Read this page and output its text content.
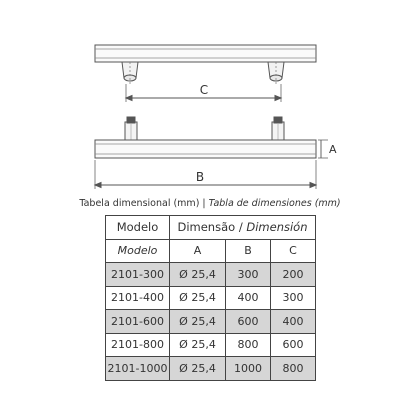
C
B
A
Tabela dimensional (mm) | Tabla de dimensiones (mm)
Modelo	Dimensão / Dimensión		
Modelo	A	B	C
2101-300	Ø 25,4	300	200
2101-400	Ø 25,4	400	300
2101-600	Ø 25,4	600	400
2101-800	Ø 25,4	800	600
2101-1000	Ø 25,4	1000	800
